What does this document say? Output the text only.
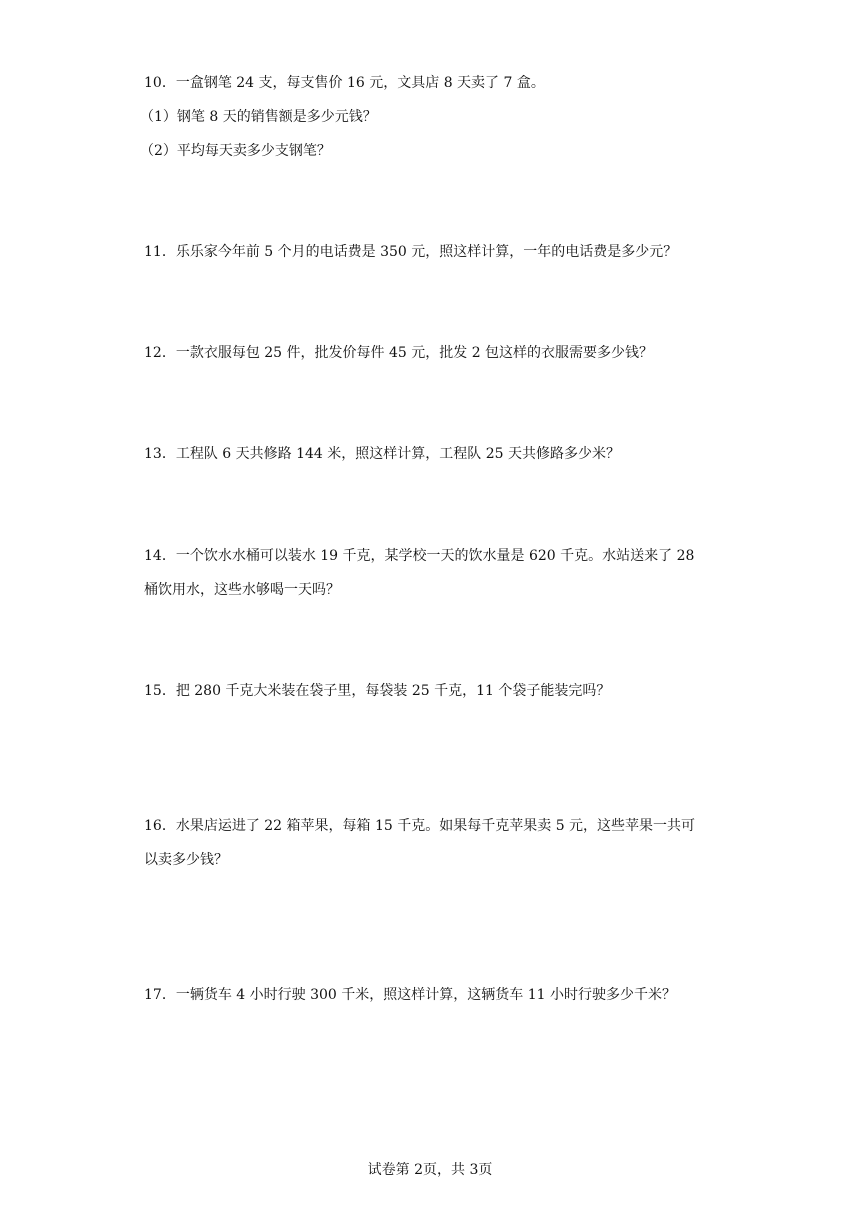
10．一盒钢笔 24 支，每支售价 16 元，文具店 8 天卖了 7 盒。
（1）钢笔 8 天的销售额是多少元钱？
（2）平均每天卖多少支钢笔？
11．乐乐家今年前 5 个月的电话费是 350 元，照这样计算，一年的电话费是多少元？
12．一款衣服每包 25 件，批发价每件 45 元，批发 2 包这样的衣服需要多少钱？
13．工程队 6 天共修路 144 米，照这样计算，工程队 25 天共修路多少米？
14．一个饮水水桶可以装水 19 千克，某学校一天的饮水量是 620 千克。水站送来了 28
桶饮用水，这些水够喝一天吗？
15．把 280 千克大米装在袋子里，每袋装 25 千克，11 个袋子能装完吗？
16．水果店运进了 22 箱苹果，每箱 15 千克。如果每千克苹果卖 5 元，这些苹果一共可
以卖多少钱？
17．一辆货车 4 小时行驶 300 千米，照这样计算，这辆货车 11 小时行驶多少千米？
试卷第 2页，共 3页
